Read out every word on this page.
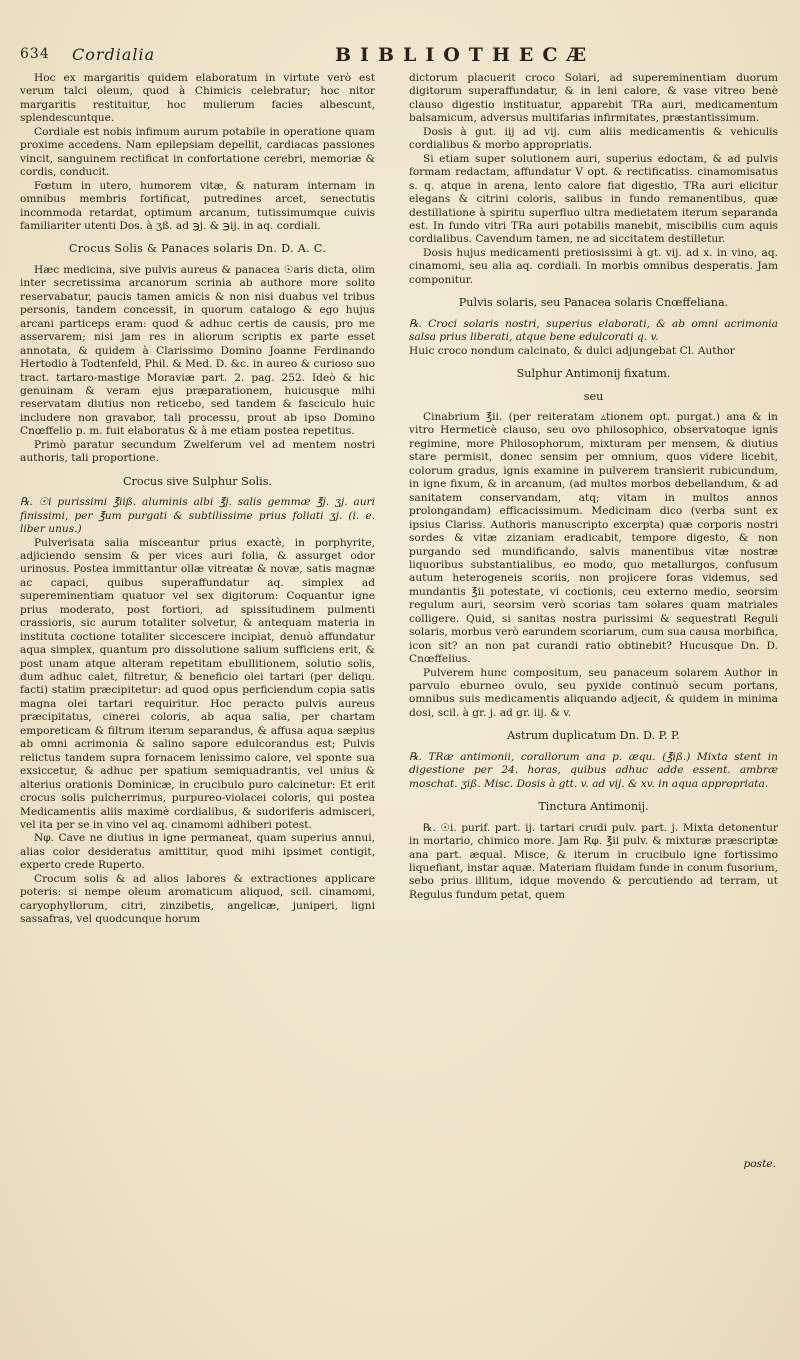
634 Cordialia	BIBLIOTHECÆ

Hoc ex margaritis quidem elaboratum in virtute verò est verum talci oleum, quod à Chimicis celebratur; hoc nitor margaritis restituitur, hoc mulierum facies albescunt, splendescuntque.

Cordiale est nobis infimum aurum potabile in operatione quam proxime accedens. Nam epilepsiam depellit, cardiacas passiones vincit, sanguinem rectificat in confortatione cerebri, memoriæ & cordis, conducit.

Fœtum in utero, humorem vitæ, & naturam internam in omnibus membris fortificat, putredines arcet, senectutis incommoda retardat, optimum arcanum, tutissimumque cuivis familiariter utenti Dos. à ʒß. ad ℈j. & ℈ij. in aq. cordiali.

Crocus Solis & Panaces solaris Dn. D. A. C.

Hæc medicina, sive pulvis aureus & panacea ☉aris dicta, olim inter secretissima arcanorum scrinia ab authore more solito reservabatur, paucis tamen amicis & non nisi duabus vel tribus personis, tandem concessit, in quorum catalogo & ego hujus arcani particeps eram: quod & adhuc certis de causis, pro me asservarem; nisi jam res in aliorum scriptis ex parte esset annotata, & quidem à Clarissimo Domino Joanne Ferdinando Hertodio à Todtenfeld, Phil. & Med. D. &c. in aureo & curioso suo tract. tartaro-mastige Moraviæ part. 2. pag. 252. Ideò & hic genuinam & veram ejus præparationem, huicusque mihi reservatam diutius non reticebo, sed tandem & fasciculo huic includere non gravabor, tali processu, prout ab ipso Domino Cnœffelio p. m. fuit elaboratus & à me etiam postea repetitus.

Primò paratur secundum Zwelferum vel ad mentem nostri authoris, tali proportione.

Crocus sive Sulphur Solis.

℞. ☉i purissimi ℥iiß. aluminis albi ℥j. salis gemmæ ℥j. ʒj. auri finissimi, per ℥um purgati & subtilissime prius foliati ʒj. (i. e. liber unus.)

Pulverisata salia misceantur prius exactè, in porphyrite, adjiciendo sensim & per vices auri folia, & assurget odor urinosus. Postea immittantur ollæ vitreatæ & novæ, satis magnæ ac capaci, quibus superaffundatur aq. simplex ad supereminentiam quatuor vel sex digitorum: Coquantur igne prius moderato, post fortiori, ad spissitudinem pulmenti crassioris, sic aurum totaliter solvetur, & antequam materia in instituta coctione totaliter siccescere incipiat, denuò affundatur aqua simplex, quantum pro dissolutione salium sufficiens erit, & post unam atque alteram repetitam ebullitionem, solutio solis, dum adhuc calet, filtretur, & beneficio olei tartari (per deliqu. facti) statim præcipitetur: ad quod opus perficiendum copia satis magna olei tartari requiritur. Hoc peracto pulvis aureus præcipitatus, cinerei coloris, ab aqua salia, per chartam emporeticam & filtrum iterum separandus, & affusa aqua sæpius ab omni acrimonia & salino sapore edulcorandus est; Pulvis relictus tandem supra fornacem lenissimo calore, vel sponte sua exsiccetur, & adhuc per spatium semiquadrantis, vel unius & alterius orationis Dominicæ, in crucibulo puro calcinetur: Et erit crocus solis pulcherrimus, purpureo-violacei coloris, qui postea Medicamentis aliis maximè cordialibus, & sudoriferis admisceri, vel ita per se in vino vel aq. cinamomi adhiberi potest.

Nφ. Cave ne diutius in igne permaneat, quam superius annui, alias color desideratus amittitur, quod mihi ipsimet contigit, experto crede Ruperto.

Crocum solis & ad alios labores & extractiones applicare poteris: si nempe oleum aromaticum aliquod, scil. cinamomi, caryophyllorum, citri, zinzibetis, angelicæ, juniperi, ligni sassafras, vel quodcunque horum

dictorum placuerit croco Solari, ad supereminentiam duorum digitorum superaffundatur, & in leni calore, & vase vitreo benè clauso digestio instituatur, apparebit TRa auri, medicamentum balsamicum, adversus multifarias infirmitates, præstantissimum.

Dosis à gut. iij ad vij. cum aliis medicamentis & vehiculis cordialibus & morbo appropriatis.

Si etiam super solutionem auri, superius edoctam, & ad pulvis formam redactam, affundatur V opt. & rectificatiss. cinamomisatus s. q. atque in arena, lento calore fiat digestio, TRa auri elicitur elegans & citrini coloris, salibus in fundo remanentibus, quæ destillatione à spiritu superfluo ultra medietatem iterum separanda est. In fundo vitri TRa auri potabilis manebit, miscibilis cum aquis cordialibus. Cavendum tamen, ne ad siccitatem destilletur.

Dosis hujus medicamenti pretiosissimi à gt. vij. ad x. in vino, aq. cinamomi, seu alia aq. cordiali. In morbis omnibus desperatis. Jam componitur.

Pulvis solaris, seu Panacea solaris Cnœffeliana.

℞. Croci solaris nostri, superius elaborati, & ab omni acrimonia salsa prius liberati, atque bene edulcorati q. v.

Huic croco nondum calcinato, & dulci adjungebat Cl. Author

Sulphur Antimonij fixatum.
seu

Cinabrium ℥ii. (per reiteratam ▵tionem opt. purgat.) ana & in vitro Hermeticè clauso, seu ovo philosophico, observatoque ignis regimine, more Philosophorum, mixturam per mensem, & diutius stare permisit, donec sensim per omnium, quos videre licebit, colorum gradus, ignis examine in pulverem transierit rubicundum, in igne fixum, & in arcanum, (ad multos morbos debellandum, & ad sanitatem conservandam, atq; vitam in multos annos prolongandam) efficacissimum. Medicinam dico (verba sunt ex ipsius Clariss. Authoris manuscripto excerpta) quæ corporis nostri sordes & vitæ zizaniam eradicabit, tempore digesto, & non purgando sed mundificando, salvis manentibus vitæ nostræ liquoribus substantialibus, eo modo, quo metallurgos, confusum autum heterogeneis scoriis, non projicere foras videmus, sed mundantis ℥ii potestate, vi coctionis, ceu externo medio, seorsim regulum auri, seorsim verò scorias tam solares quam matriales colligere. Quid, si sanitas nostra purissimi & sequestrati Reguli solaris, morbus verò earundem scoriarum, cum sua causa morbifica, icon sit? an non pat curandi ratio obtinebit? Hucusque Dn. D. Cnœffelius.

Pulverem hunc compositum, seu panaceum solarem Author in parvulo eburneo ovulo, seu pyxide continuò secum portans, omnibus suis medicamentis aliquando adjecit, & quidem in minima dosi, scil. à gr. j. ad gr. iij. & v.

Astrum duplicatum Dn. D. P. P.

℞. TRæ antimonii, corallorum ana p. æqu. (℥iß.) Mixta stent in digestione per 24. horas, quibus adhuc adde essent. ambræ moschat. ʒiß. Misc. Dosis à gtt. v. ad vij. & xv. in aqua appropriata.

Tinctura Antimonij.

℞. ☉i. purif. part. ij. tartari crudi pulv. part. j. Mixta detonentur in mortario, chimico more. Jam Rφ. ℥ii pulv. & mixturæ præscriptæ ana part. æqual. Misce, & iterum in crucibulo igne fortissimo liquefiant, instar aquæ. Materiam fluidam funde in conum fusorium, sebo prius illitum, idque movendo & percutiendo ad terram, ut Regulus fundum petat, quem

poste.
